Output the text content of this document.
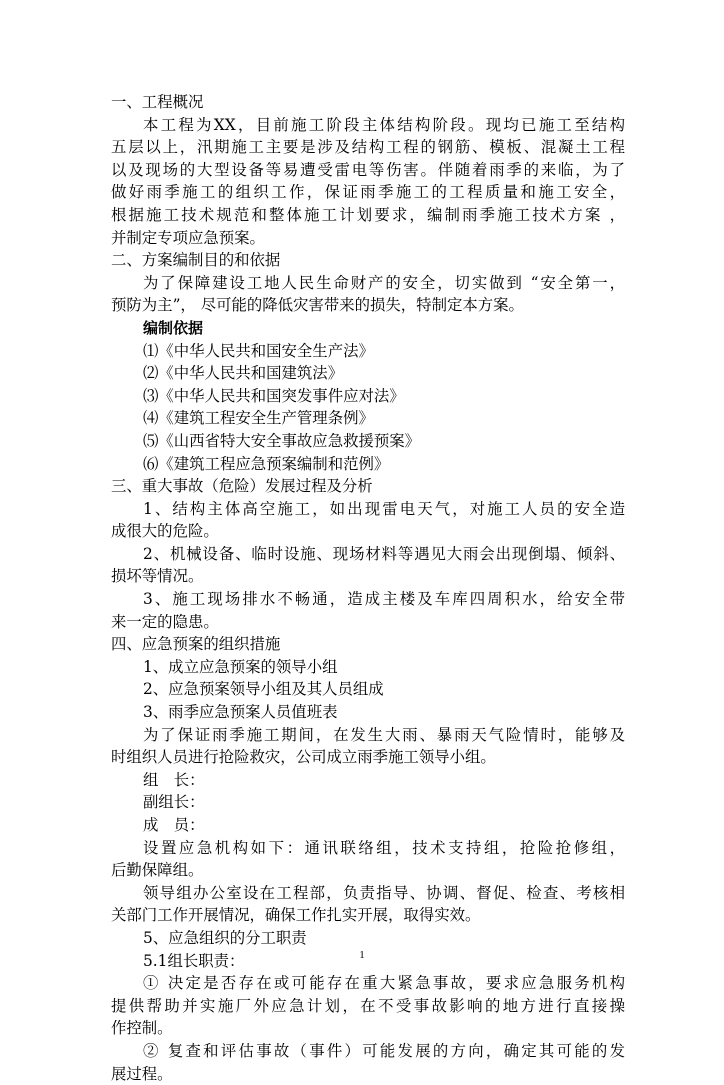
一、工程概况
本工程为XX，目前施工阶段主体结构阶段。现均已施工至结构
五层以上，汛期施工主要是涉及结构工程的钢筋、模板、混凝土工程
以及现场的大型设备等易遭受雷电等伤害。伴随着雨季的来临，为了
做好雨季施工的组织工作，保证雨季施工的工程质量和施工安全，
根据施工技术规范和整体施工计划要求，编制雨季施工技术方案 ，
并制定专项应急预案。
二、方案编制目的和依据
为了保障建设工地人民生命财产的安全，切实做到 “安全第一，
预防为主”， 尽可能的降低灾害带来的损失，特制定本方案。
编制依据
⑴《中华人民共和国安全生产法》
⑵《中华人民共和国建筑法》
⑶《中华人民共和国突发事件应对法》
⑷《建筑工程安全生产管理条例》
⑸《山西省特大安全事故应急救援预案》
⑹《建筑工程应急预案编制和范例》
三、重大事故（危险）发展过程及分析
1、结构主体高空施工，如出现雷电天气，对施工人员的安全造
成很大的危险。
2、机械设备、临时设施、现场材料等遇见大雨会出现倒塌、倾斜、
损坏等情况。
3、施工现场排水不畅通，造成主楼及车库四周积水，给安全带
来一定的隐患。
四、应急预案的组织措施
1、成立应急预案的领导小组
2、应急预案领导小组及其人员组成
3、雨季应急预案人员值班表
为了保证雨季施工期间，在发生大雨、暴雨天气险情时，能够及
时组织人员进行抢险救灾，公司成立雨季施工领导小组。
组　长：
副组长：
成　员：
设置应急机构如下：通讯联络组，技术支持组，抢险抢修组，
后勤保障组。
领导组办公室设在工程部，负责指导、协调、督促、检查、考核相
关部门工作开展情况，确保工作扎实开展，取得实效。
5、应急组织的分工职责
5.1组长职责：
① 决定是否存在或可能存在重大紧急事故，要求应急服务机构
提供帮助并实施厂外应急计划，在不受事故影响的地方进行直接操
作控制。
② 复查和评估事故（事件）可能发展的方向，确定其可能的发
展过程。
1
